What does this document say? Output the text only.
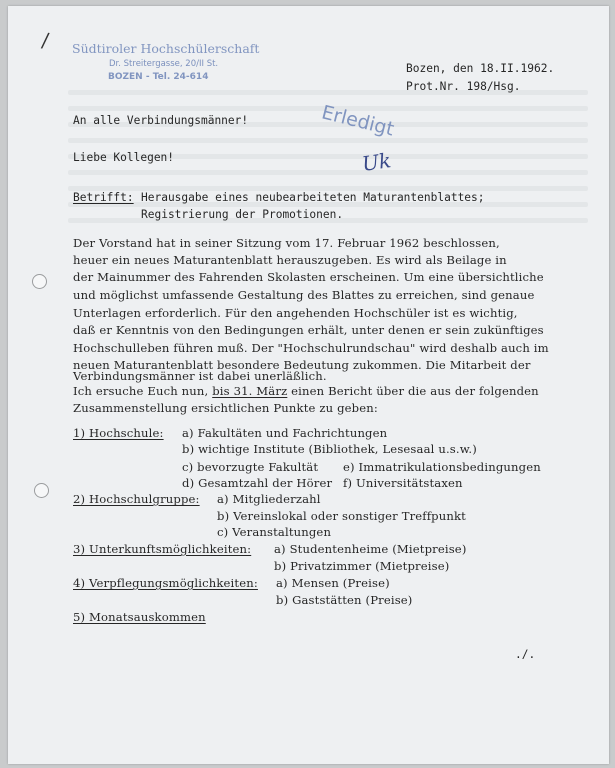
/ Südtiroler Hochschülerschaft
Dr. Streitergasse, 20/II St.
BOZEN - Tel. 24-614
Bozen, den 18.II.1962.
Prot.Nr. 198/Hsg.
Erledigt
Uk
An alle Verbindungsmänner!
Liebe Kollegen!
Betrifft: Herausgabe eines neubearbeiteten Maturantenblattes;
Registrierung der Promotionen.
Der Vorstand hat in seiner Sitzung vom 17. Februar 1962 beschlossen,
heuer ein neues Maturantenblatt herauszugeben. Es wird als Beilage in
der Mainummer des Fahrenden Skolasten erscheinen. Um eine übersichtliche
und möglichst umfassende Gestaltung des Blattes zu erreichen, sind genaue
Unterlagen erforderlich. Für den angehenden Hochschüler ist es wichtig,
daß er Kenntnis von den Bedingungen erhält, unter denen er sein zukünftiges
Hochschulleben führen muß. Der "Hochschulrundschau" wird deshalb auch im
neuen Maturantenblatt besondere Bedeutung zukommen. Die Mitarbeit der
Verbindungsmänner ist dabei unerläßlich.
Ich ersuche Euch nun, bis 31. März einen Bericht über die aus der folgenden
Zusammenstellung ersichtlichen Punkte zu geben:
1) Hochschule: a) Fakultäten und Fachrichtungen
b) wichtige Institute (Bibliothek, Lesesaal u.s.w.)
c) bevorzugte Fakultät e) Immatrikulationsbedingungen
d) Gesamtzahl der Hörer f) Universitätstaxen
2) Hochschulgruppe: a) Mitgliederzahl
b) Vereinslokal oder sonstiger Treffpunkt
c) Veranstaltungen
3) Unterkunftsmöglichkeiten: a) Studentenheime (Mietpreise)
b) Privatzimmer (Mietpreise)
4) Verpflegungsmöglichkeiten: a) Mensen (Preise)
b) Gaststätten (Preise)
5) Monatsauskommen
./.
